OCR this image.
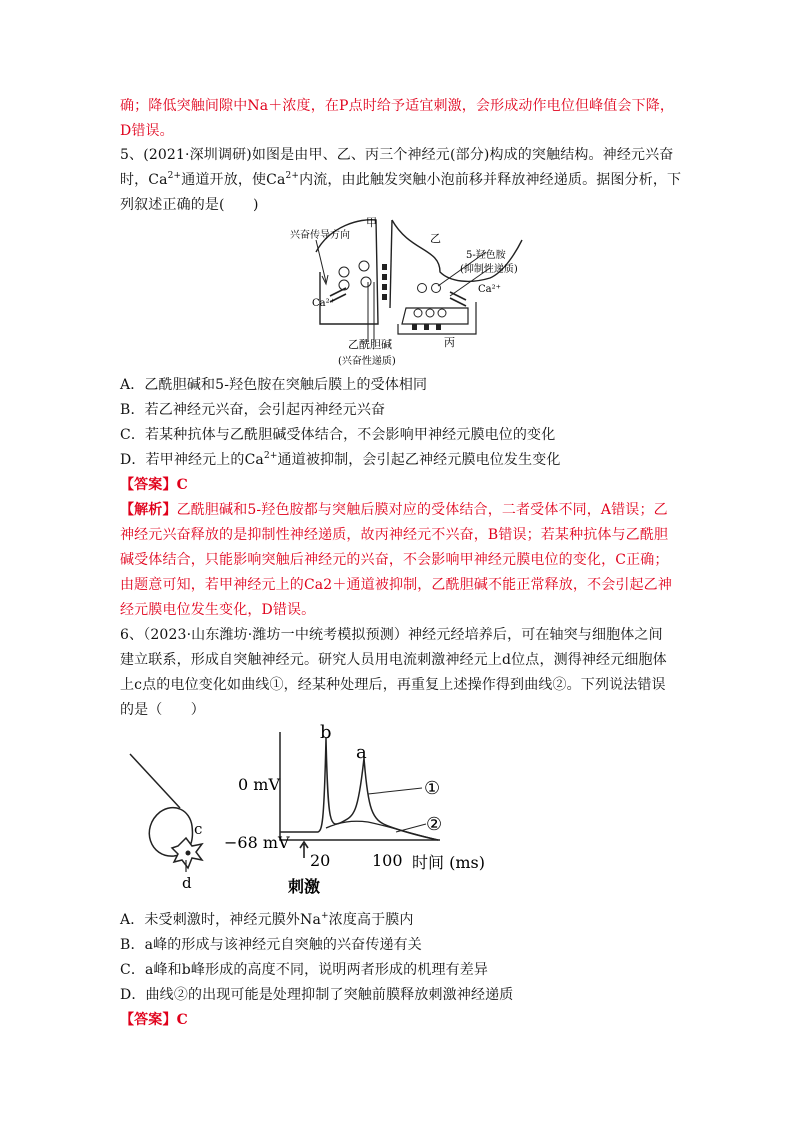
确；降低突触间隙中Na＋浓度，在P点时给予适宜刺激，会形成动作电位但峰值会下降，
D错误。
5、(2021·深圳调研)如图是由甲、乙、丙三个神经元(部分)构成的突触结构。神经元兴奋
时，$Ca^{2+}$通道开放，使$Ca^{2+}$内流，由此触发突触小泡前移并释放神经递质。据图分析，下
列叙述正确的是(　　)
兴奋传导方向
甲
乙
5-羟色胺
(抑制性递质)
Ca²⁺
Ca²⁺
乙酰胆碱
(兴奋性递质)
丙
A．乙酰胆碱和5-羟色胺在突触后膜上的受体相同
B．若乙神经元兴奋，会引起丙神经元兴奋
C．若某种抗体与乙酰胆碱受体结合，不会影响甲神经元膜电位的变化
D．若甲神经元上的$Ca^{2+}$通道被抑制，会引起乙神经元膜电位发生变化
【答案】C
【解析】乙酰胆碱和5-羟色胺都与突触后膜对应的受体结合，二者受体不同，A错误；乙
神经元兴奋释放的是抑制性神经递质，故丙神经元不兴奋，B错误；若某种抗体与乙酰胆
碱受体结合，只能影响突触后神经元的兴奋，不会影响甲神经元膜电位的变化，C正确；
由题意可知，若甲神经元上的Ca2＋通道被抑制，乙酰胆碱不能正常释放，不会引起乙神
经元膜电位发生变化，D错误。
6、（2023·山东潍坊·潍坊一中统考模拟预测）神经元经培养后，可在轴突与细胞体之间
建立联系，形成自突触神经元。研究人员用电流刺激神经元上d位点，测得神经元细胞体
上c点的电位变化如曲线①，经某种处理后，再重复上述操作得到曲线②。下列说法错误
的是（　　）
c
d
0 mV
−68 mV
b
a
①
②
20	100 时间 (ms)
刺激
A．未受刺激时，神经元膜外Na+浓度高于膜内
B．a峰的形成与该神经元自突触的兴奋传递有关
C．a峰和b峰形成的高度不同，说明两者形成的机理有差异
D．曲线②的出现可能是处理抑制了突触前膜释放刺激神经递质
【答案】C
